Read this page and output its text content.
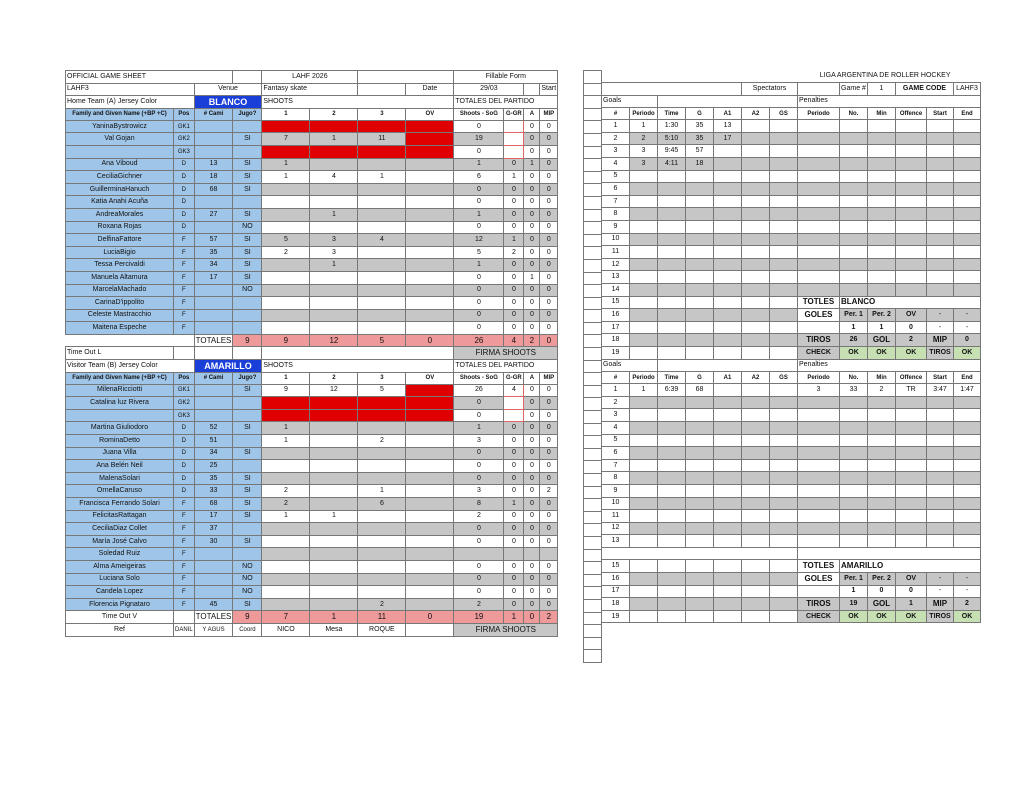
OFFICIAL GAME SHEET				LAHF 2026				Fillable Form			
LAHF3		Venue		Fantasy skate			Date	29/03			Start
Home Team (A) Jersey Color		BLANCO		SHOOTS				TOTALES DEL PARTIDO			
Family and Given Name (+BP +C)	Pos	# Cami	Jugo?	1	2	3	OV	Shoots - SoG	G-GR	A	MIP
YaninaBystrowicz	GK1							0		0	0
Val Gojan	GK2		SI	7	1	11		19		0	0
	GK3							0		0	0
Ana Viboud	D	13	SI	1				1	0	1	0
CeciliaGichner	D	18	SI	1	4	1		6	1	0	0
GuillerminaHanuch	D	68	SI					0	0	0	0
Katia Anahi Acuña	D							0	0	0	0
AndreaMorales	D	27	SI		1			1	0	0	0
Roxana Rojas	D		NO					0	0	0	0
DelfinaFattore	F	57	SI	5	3	4		12	1	0	0
LuciaBigio	F	35	SI	2	3			5	2	0	0
Tessa Percivaldi	F	34	SI		1			1	0	0	0
Manuela Altamura	F	17	SI					0	0	1	0
MarcelaMachado	F		NO					0	0	0	0
CarinaD'ippolito	F							0	0	0	0
Celeste Mastracchio	F							0	0	0	0
Maitena Espeche	F							0	0	0	0
		TOTALES	9	9	12	5	0	26	4	2	0
Time Out L								FIRMA SHOOTS			
Visitor Team (B) Jersey Color		AMARILLO		SHOOTS				TOTALES DEL PARTIDO			
Family and Given Name (+BP +C)	Pos	# Cami	Jugo?	1	2	3	OV	Shoots - SoG	G-GR	A	MIP
MilenaRicciotti	GK1		SI	9	12	5		26	4	0	0
Catalina luz Rivera	GK2							0		0	0
	GK3							0		0	0
Martina Giuliodoro	D	52	SI	1				1	0	0	0
RominaDetto	D	51		1		2		3	0	0	0
Juana Villa	D	34	SI					0	0	0	0
Ana Belén Neil	D	25						0	0	0	0
MalenaSolari	D	35	SI					0	0	0	0
OrnellaCaruso	D	33	SI	2		1		3	0	0	2
Francisca Ferrando Solari	F	68	SI	2		6		8	1	0	0
FelicitasRattagan	F	17	SI	1	1			2	0	0	0
CeciliaDiaz Collet	F	37						0	0	0	0
María José Calvo	F	30	SI					0	0	0	0
Soledad Ruiz	F										
Alma Ameigeiras	F		NO					0	0	0	0
Luciana Solo	F		NO					0	0	0	0
Candela Lopez	F		NO					0	0	0	0
Florencia Pignataro	F	45	SI			2		2	0	0	0
Time Out V		TOTALES	9	7	1	11	0	19	1	0	2
Ref	DANIL	Y AGUS	Coord	NICO	Mesa	ROQUE		FIRMA SHOOTS			

LIGA ARGENTINA DE ROLLER HOCKEY												
					Spectators			Game #	1	GAME CODE		LAHF3
Goals							Penalties					
#	Periodo	Time	G	A1	A2	GS	Periodo	No.	Min	Offence	Start	End
1	1	1:30	35	13								
2	2	5:10	35	17								
3	3	9:45	57									
4	3	4:11	18									
5												
6												
7												
8												
9												
10												
11												
12												
13												
14												
15							TOTLES	BLANCO				
16							GOLES	Per. 1	Per. 2	OV	-	-
17								1	1	0	-	-
18							TIROS	26	GOL	2	MIP	0
19							CHECK	OK	OK	OK	TIROS	OK
Goals							Penalties					
#	Periodo	Time	G	A1	A2	GS	Periodo	No.	Min	Offence	Start	End
1	1	6:39	68				3	33	2	TR	3:47	1:47
2												
3												
4												
5												
6												
7												
8												
9												
10												
11												
12												
13												

15							TOTLES	AMARILLO				
16							GOLES	Per. 1	Per. 2	OV	-	-
17								1	0	0	-	-
18							TIROS	19	GOL	1	MIP	2
19							CHECK	OK	OK	OK	TIROS	OK
